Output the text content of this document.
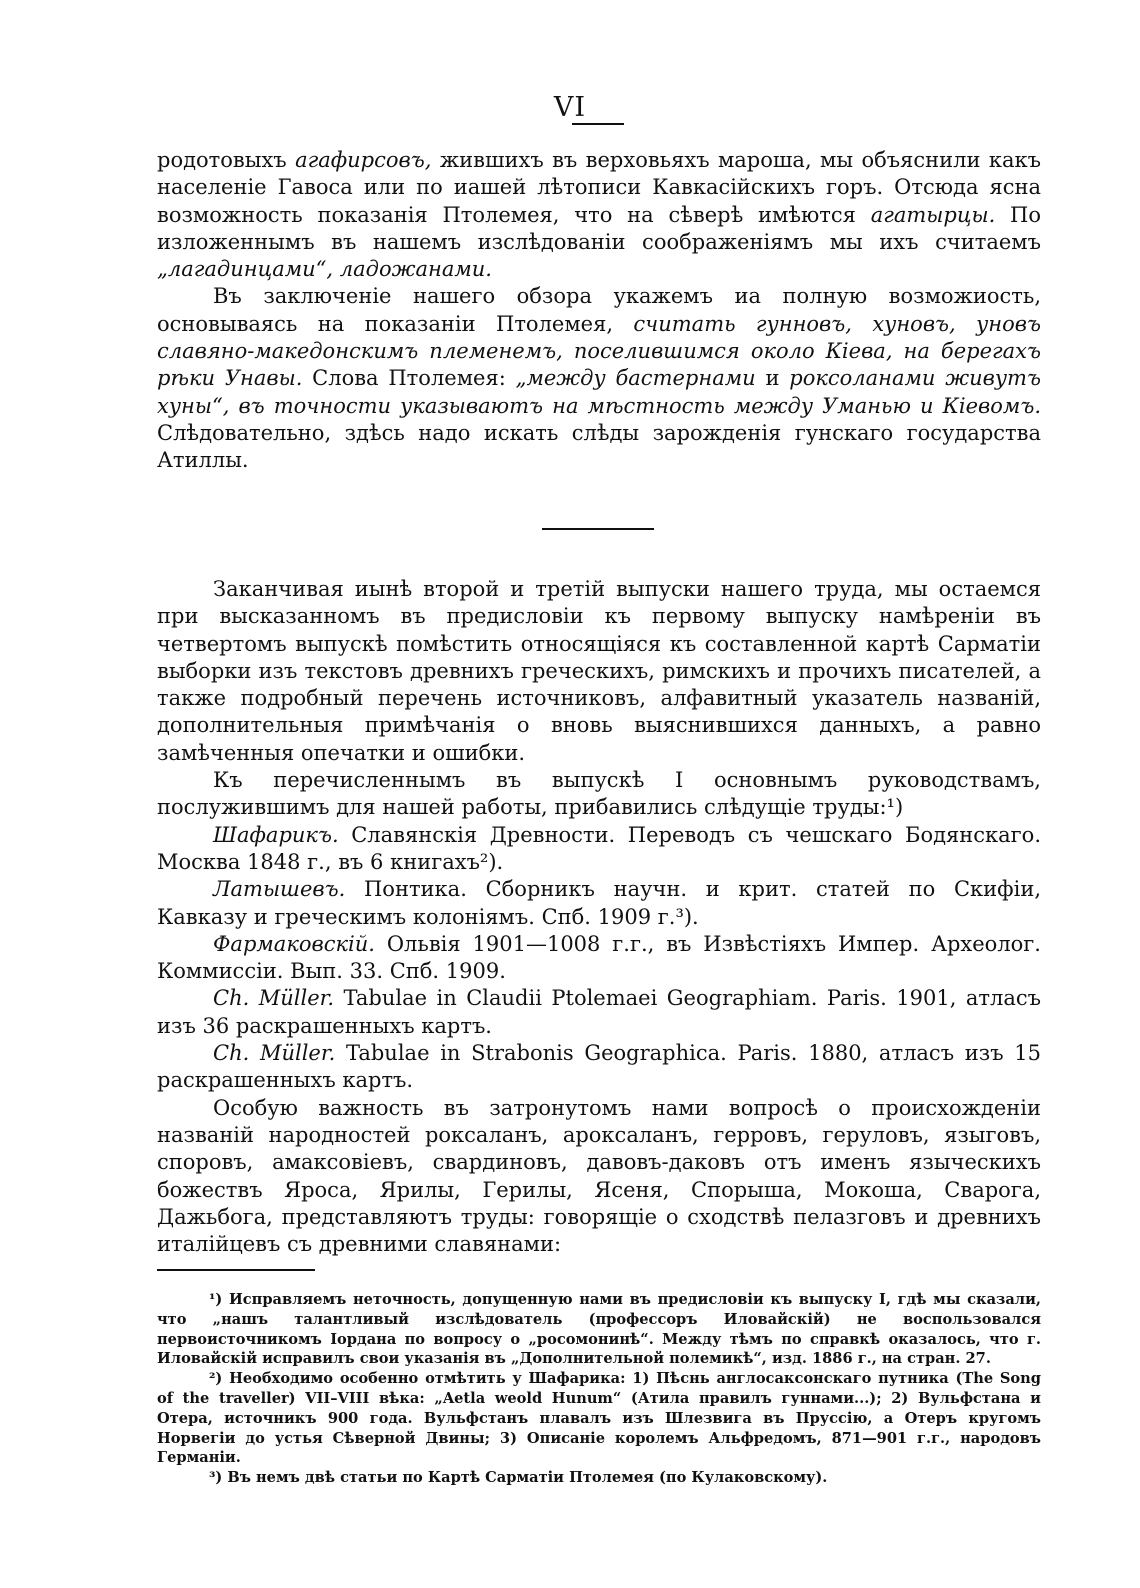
VI

родотовыхъ агафирсовъ, жившихъ въ верховьяхъ мароша, мы объяснили какъ населеніе Гавоса или по иашей лѣтописи Кавкасійскихъ горъ. Отсюда ясна возможность показанія Птолемея, что на сѣверѣ имѣются агатырцы. По изложеннымъ въ нашемъ изслѣдованіи соображеніямъ мы ихъ считаемъ „лагадинцами“, ладожанами.

Въ заключеніе нашего обзора укажемъ иа полную возможиость, основываясь на показаніи Птолемея, считать гунновъ, хуновъ, уновъ славяно-македонскимъ племенемъ, поселившимся около Кіева, на берегахъ рѣки Унавы. Слова Птолемея: „между бастернами и роксоланами живутъ хуны“, въ точности указываютъ на мѣстность между Уманью и Кіевомъ. Слѣдовательно, здѣсь надо искать слѣды зарожденія гунскаго государства Атиллы.

Заканчивая иынѣ второй и третій выпуски нашего труда, мы остаемся при высказанномъ въ предисловіи къ первому выпуску намѣреніи въ четвертомъ выпускѣ помѣстить относящіяся къ составленной картѣ Сарматіи выборки изъ текстовъ древнихъ греческихъ, римскихъ и прочихъ писателей, а также подробный перечень источниковъ, алфавитный указатель названій, дополнительныя примѣчанія о вновь выяснившихся данныхъ, а равно замѣченныя опечатки и ошибки.

Къ перечисленнымъ въ выпускѣ I основнымъ руководствамъ, послужившимъ для нашей работы, прибавились слѣдущіе труды:¹)

Шафарикъ. Славянскія Древности. Переводъ съ чешскаго Бодянскаго. Москва 1848 г., въ 6 книгахъ²).

Латышевъ. Понтика. Сборникъ научн. и крит. статей по Скифіи, Кавказу и греческимъ колоніямъ. Спб. 1909 г.³).

Фармаковскій. Ольвія 1901—1008 г.г., въ Извѣстіяхъ Импер. Археолог. Коммиссіи. Вып. 33. Спб. 1909.

Ch. Müller. Tabulae in Claudii Ptolemaei Geographiam. Paris. 1901, атласъ изъ 36 раскрашенныхъ картъ.

Ch. Müller. Tabulae in Strabonis Geographica. Paris. 1880, атласъ изъ 15 раскрашенныхъ картъ.

Особую важность въ затронутомъ нами вопросѣ о происхожденіи названій народностей роксаланъ, ароксаланъ, герровъ, геруловъ, языговъ, споровъ, амаксовіевъ, свардиновъ, давовъ-даковъ отъ именъ языческихъ божествъ Яроса, Ярилы, Герилы, Ясеня, Спорыша, Мокоша, Сварога, Дажьбога, представляютъ труды: говорящіе о сходствѣ пелазговъ и древнихъ италійцевъ съ древними славянами:

¹) Исправляемъ неточность, допущенную нами въ предисловіи къ выпуску I, гдѣ мы сказали, что „нашъ талантливый изслѣдователь (профессоръ Иловайскій) не воспользовался первоисточникомъ Іордана по вопросу о „росомонинѣ“. Между тѣмъ по справкѣ оказалось, что г. Иловайскій исправилъ свои указанія въ „Дополнительной полемикѣ“, изд. 1886 г., на стран. 27.

²) Необходимо особенно отмѣтить у Шафарика: 1) Пѣснь англосаксонскаго путника (The Song of the traveller) VII–VIII вѣка: „Aetla weold Hunum“ (Атила правилъ гуннами...); 2) Вульфстана и Отера, источникъ 900 года. Вульфстанъ плавалъ изъ Шлезвига въ Пруссію, а Отеръ кругомъ Норвегіи до устья Сѣверной Двины; 3) Описаніе королемъ Альфредомъ, 871—901 г.г., народовъ Германіи.

³) Въ немъ двѣ статьи по Картѣ Сарматіи Птолемея (по Кулаковскому).
